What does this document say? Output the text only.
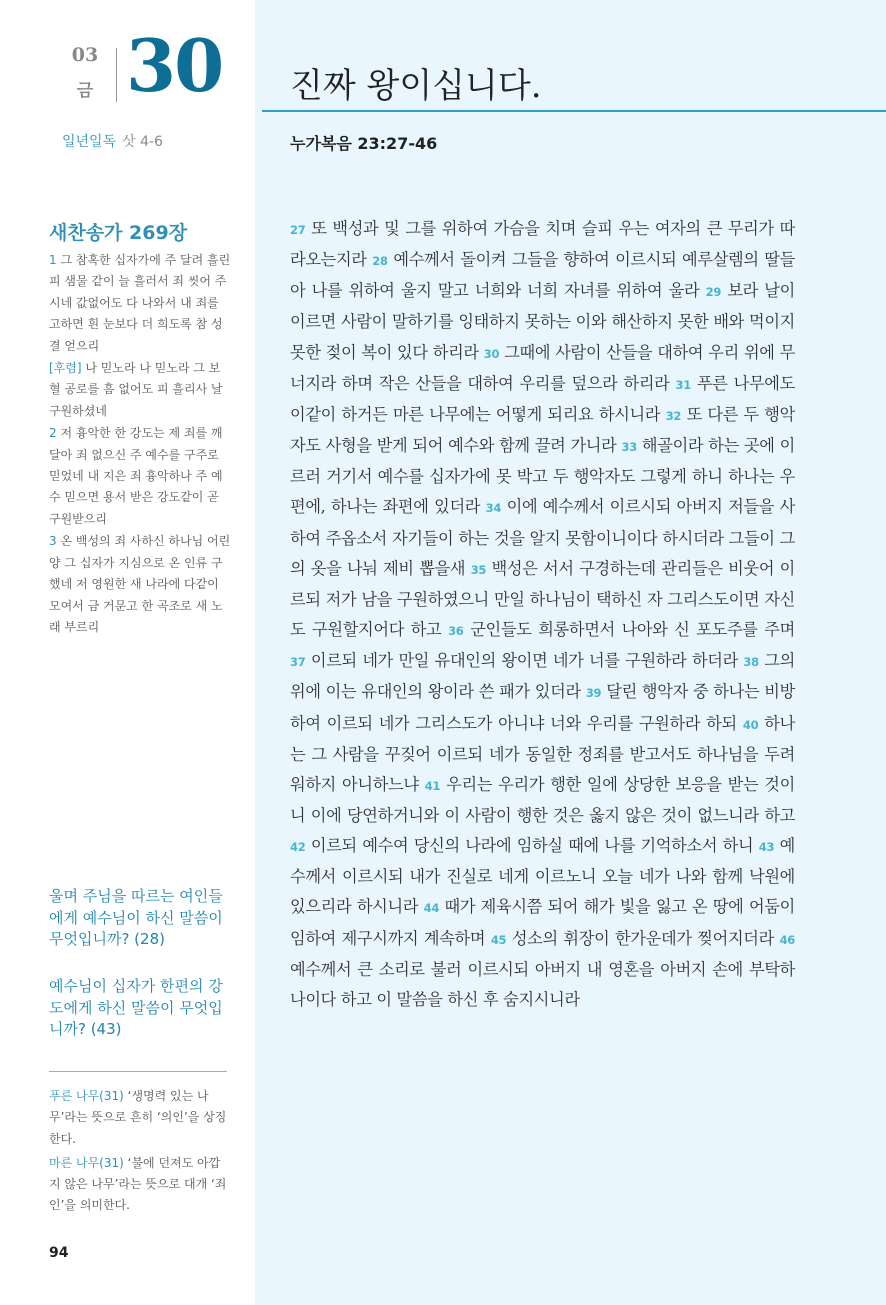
03
금 30
일년일독 삿 4-6
새찬송가 269장

1 그 참혹한 십자가에 주 달려 흘린 피 샘물 같이 늘 흘러서 죄 씻어 주시네 값없어도 다 나와서 내 죄를 고하면 흰 눈보다 더 희도록 참 성결 얻으리

[후렴] 나 믿노라 나 믿노라 그 보혈 공로를 흠 없어도 피 흘리사 날 구원하셨네

2 저 흉악한 한 강도는 제 죄를 깨달아 죄 없으신 주 예수를 구주로 믿었네 내 지은 죄 흉악하나 주 예수 믿으면 용서 받은 강도같이 곧 구원받으리

3 온 백성의 죄 사하신 하나님 어린 양 그 십자가 지심으로 온 인류 구했네 저 영원한 새 나라에 다같이 모여서 금 거문고 한 곡조로 새 노래 부르리

울며 주님을 따르는 여인들에게 예수님이 하신 말씀이 무엇입니까? (28)
예수님이 십자가 한편의 강도에게 하신 말씀이 무엇입니까? (43)

푸른 나무(31) ‘생명력 있는 나무’라는 뜻으로 흔히 ‘의인’을 상징한다.

마른 나무(31) ‘불에 던져도 아깝지 않은 나무’라는 뜻으로 대개 ‘죄인’을 의미한다.

94
진짜 왕이십니다.
누가복음 23:27-46
27 또 백성과 및 그를 위하여 가슴을 치며 슬피 우는 여자의 큰 무리가 따라오는지라 28 예수께서 돌이켜 그들을 향하여 이르시되 예루살렘의 딸들아 나를 위하여 울지 말고 너희와 너희 자녀를 위하여 울라 29 보라 날이 이르면 사람이 말하기를 잉태하지 못하는 이와 해산하지 못한 배와 먹이지 못한 젖이 복이 있다 하리라 30 그때에 사람이 산들을 대하여 우리 위에 무너지라 하며 작은 산들을 대하여 우리를 덮으라 하리라 31 푸른 나무에도 이같이 하거든 마른 나무에는 어떻게 되리요 하시니라 32 또 다른 두 행악자도 사형을 받게 되어 예수와 함께 끌려 가니라 33 해골이라 하는 곳에 이르러 거기서 예수를 십자가에 못 박고 두 행악자도 그렇게 하니 하나는 우편에, 하나는 좌편에 있더라 34 이에 예수께서 이르시되 아버지 저들을 사하여 주옵소서 자기들이 하는 것을 알지 못함이니이다 하시더라 그들이 그의 옷을 나눠 제비 뽑을새 35 백성은 서서 구경하는데 관리들은 비웃어 이르되 저가 남을 구원하였으니 만일 하나님이 택하신 자 그리스도이면 자신도 구원할지어다 하고 36 군인들도 희롱하면서 나아와 신 포도주를 주며 37 이르되 네가 만일 유대인의 왕이면 네가 너를 구원하라 하더라 38 그의 위에 이는 유대인의 왕이라 쓴 패가 있더라 39 달린 행악자 중 하나는 비방하여 이르되 네가 그리스도가 아니냐 너와 우리를 구원하라 하되 40 하나는 그 사람을 꾸짖어 이르되 네가 동일한 정죄를 받고서도 하나님을 두려워하지 아니하느냐 41 우리는 우리가 행한 일에 상당한 보응을 받는 것이니 이에 당연하거니와 이 사람이 행한 것은 옳지 않은 것이 없느니라 하고 42 이르되 예수여 당신의 나라에 임하실 때에 나를 기억하소서 하니 43 예수께서 이르시되 내가 진실로 네게 이르노니 오늘 네가 나와 함께 낙원에 있으리라 하시니라 44 때가 제육시쯤 되어 해가 빛을 잃고 온 땅에 어둠이 임하여 제구시까지 계속하며 45 성소의 휘장이 한가운데가 찢어지더라 46 예수께서 큰 소리로 불러 이르시되 아버지 내 영혼을 아버지 손에 부탁하나이다 하고 이 말씀을 하신 후 숨지시니라
